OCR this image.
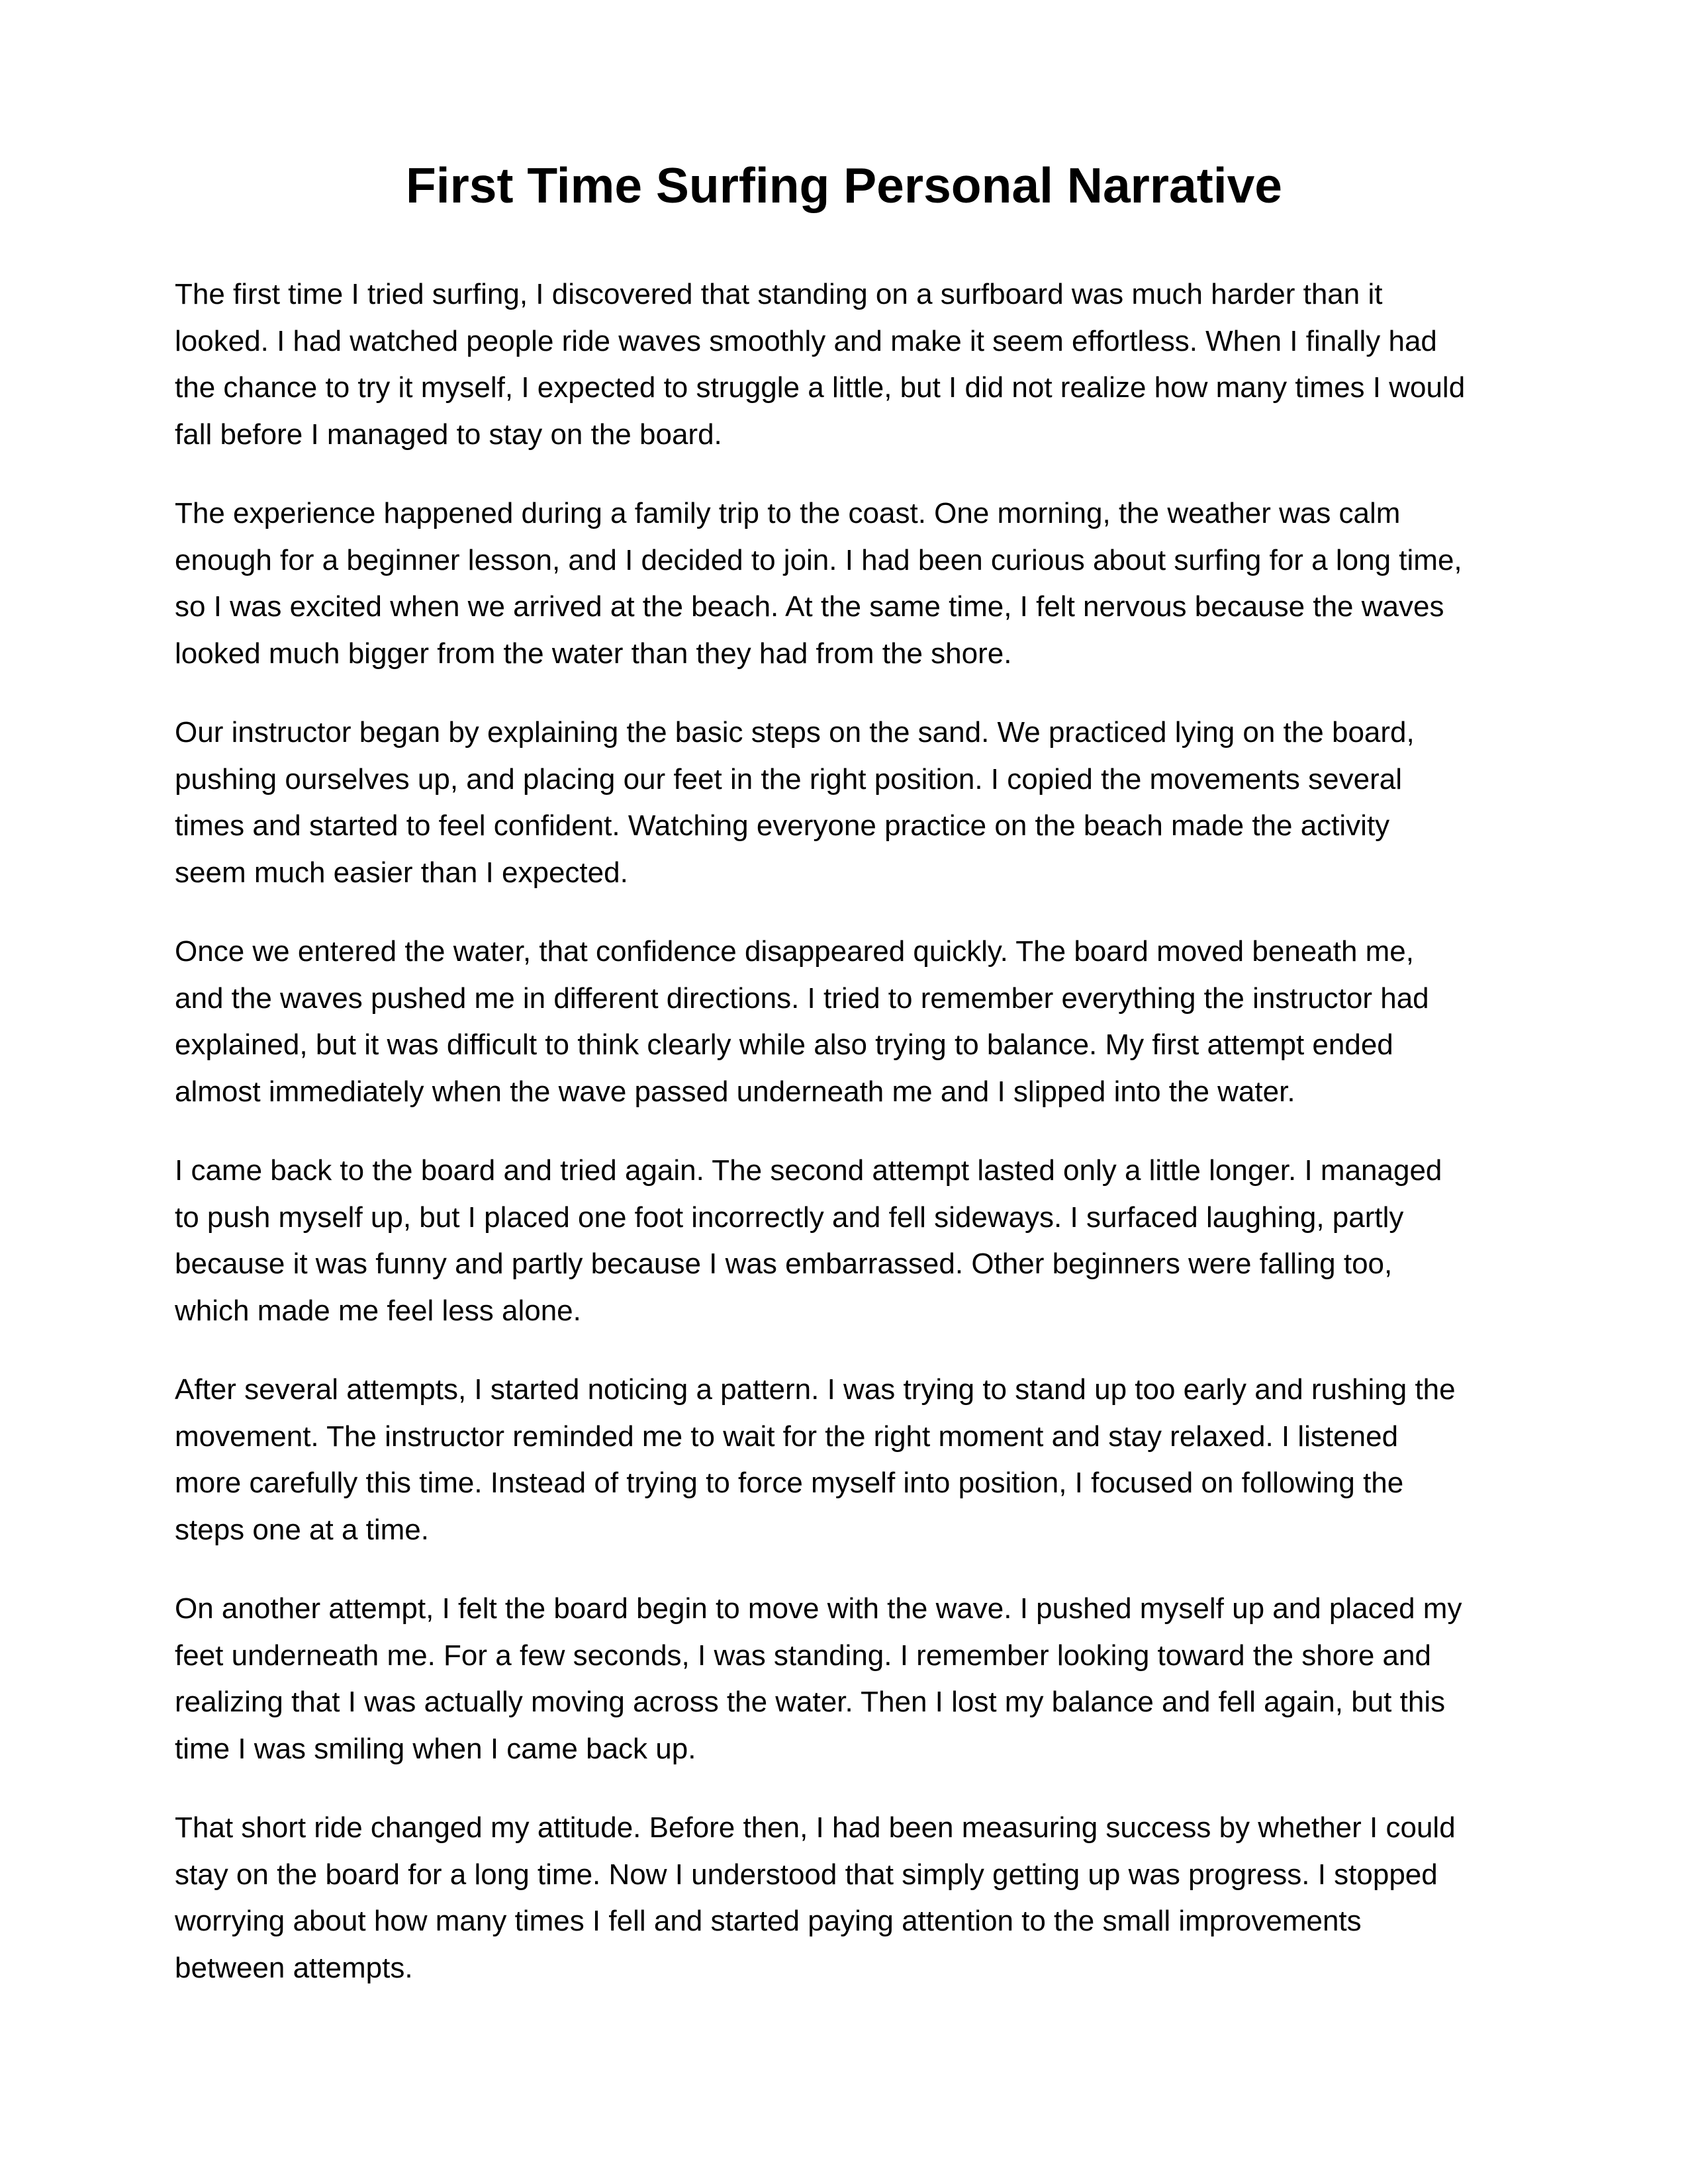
First Time Surfing Personal Narrative

The first time I tried surfing, I discovered that standing on a surfboard was much harder than it
looked. I had watched people ride waves smoothly and make it seem effortless. When I finally had
the chance to try it myself, I expected to struggle a little, but I did not realize how many times I would
fall before I managed to stay on the board.

The experience happened during a family trip to the coast. One morning, the weather was calm
enough for a beginner lesson, and I decided to join. I had been curious about surfing for a long time,
so I was excited when we arrived at the beach. At the same time, I felt nervous because the waves
looked much bigger from the water than they had from the shore.

Our instructor began by explaining the basic steps on the sand. We practiced lying on the board,
pushing ourselves up, and placing our feet in the right position. I copied the movements several
times and started to feel confident. Watching everyone practice on the beach made the activity
seem much easier than I expected.

Once we entered the water, that confidence disappeared quickly. The board moved beneath me,
and the waves pushed me in different directions. I tried to remember everything the instructor had
explained, but it was difficult to think clearly while also trying to balance. My first attempt ended
almost immediately when the wave passed underneath me and I slipped into the water.

I came back to the board and tried again. The second attempt lasted only a little longer. I managed
to push myself up, but I placed one foot incorrectly and fell sideways. I surfaced laughing, partly
because it was funny and partly because I was embarrassed. Other beginners were falling too,
which made me feel less alone.

After several attempts, I started noticing a pattern. I was trying to stand up too early and rushing the
movement. The instructor reminded me to wait for the right moment and stay relaxed. I listened
more carefully this time. Instead of trying to force myself into position, I focused on following the
steps one at a time.

On another attempt, I felt the board begin to move with the wave. I pushed myself up and placed my
feet underneath me. For a few seconds, I was standing. I remember looking toward the shore and
realizing that I was actually moving across the water. Then I lost my balance and fell again, but this
time I was smiling when I came back up.

That short ride changed my attitude. Before then, I had been measuring success by whether I could
stay on the board for a long time. Now I understood that simply getting up was progress. I stopped
worrying about how many times I fell and started paying attention to the small improvements
between attempts.
